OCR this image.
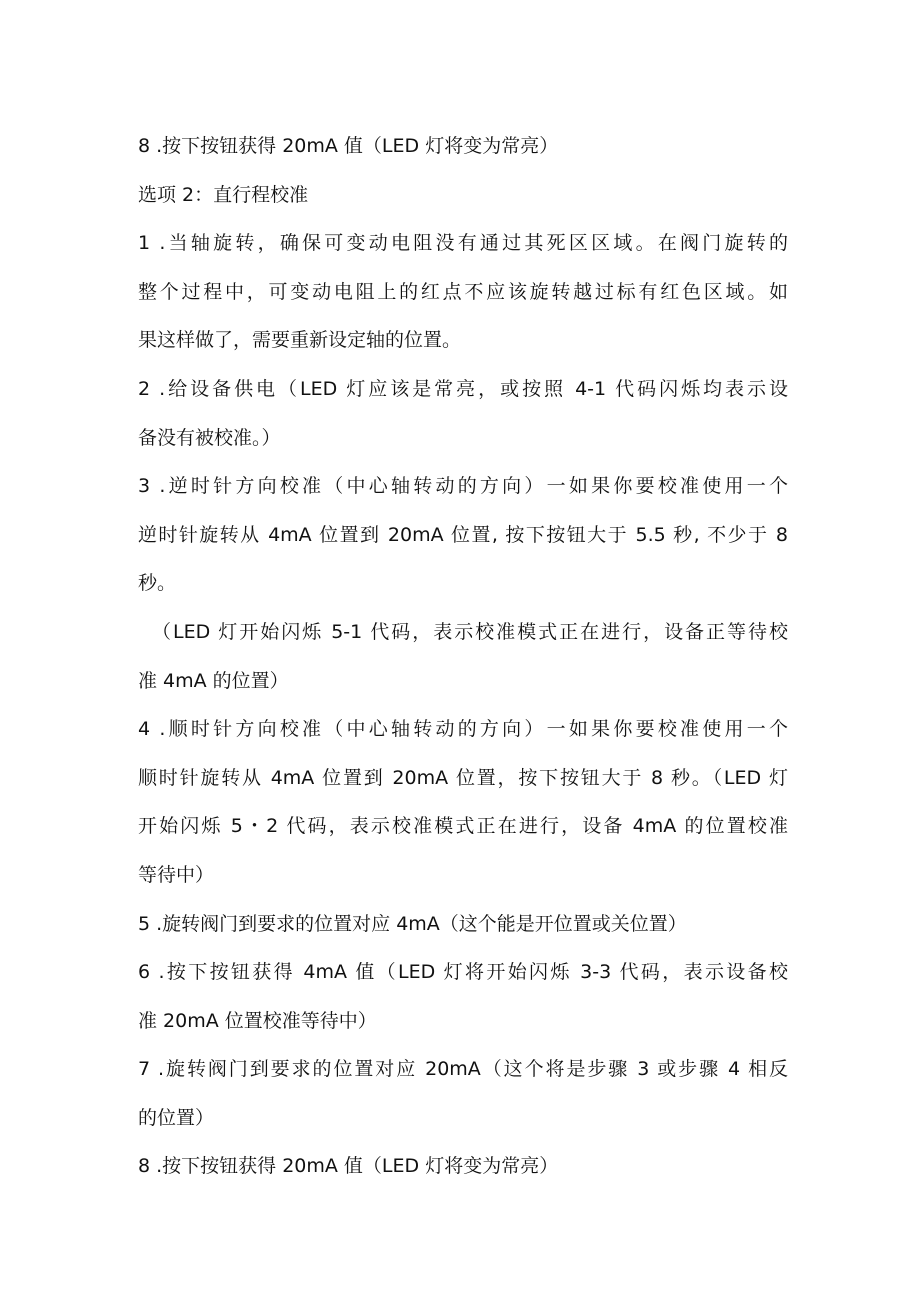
8 .按下按钮获得 20mA 值（LED 灯将变为常亮）
选项 2：直行程校准
1 .当轴旋转，确保可变动电阻没有通过其死区区域。在阀门旋转的
整个过程中，可变动电阻上的红点不应该旋转越过标有红色区域。如
果这样做了，需要重新设定轴的位置。
2 .给设备供电（LED 灯应该是常亮，或按照 4-1 代码闪烁均表示设
备没有被校准。）
3 .逆时针方向校准（中心轴转动的方向）一如果你要校准使用一个
逆时针旋转从 4mA 位置到 20mA 位置, 按下按钮大于 5.5 秒, 不少于 8
秒。
（LED 灯开始闪烁 5-1 代码，表示校准模式正在进行，设备正等待校
准 4mA 的位置）
4 .顺时针方向校准（中心轴转动的方向）一如果你要校准使用一个
顺时针旋转从 4mA 位置到 20mA 位置，按下按钮大于 8 秒。（LED 灯
开始闪烁 5・2 代码，表示校准模式正在进行，设备 4mA 的位置校准
等待中）
5 .旋转阀门到要求的位置对应 4mA（这个能是开位置或关位置）
6 .按下按钮获得 4mA 值（LED 灯将开始闪烁 3-3 代码，表示设备校
准 20mA 位置校准等待中）
7 .旋转阀门到要求的位置对应 20mA（这个将是步骤 3 或步骤 4 相反
的位置）
8 .按下按钮获得 20mA 值（LED 灯将变为常亮）
